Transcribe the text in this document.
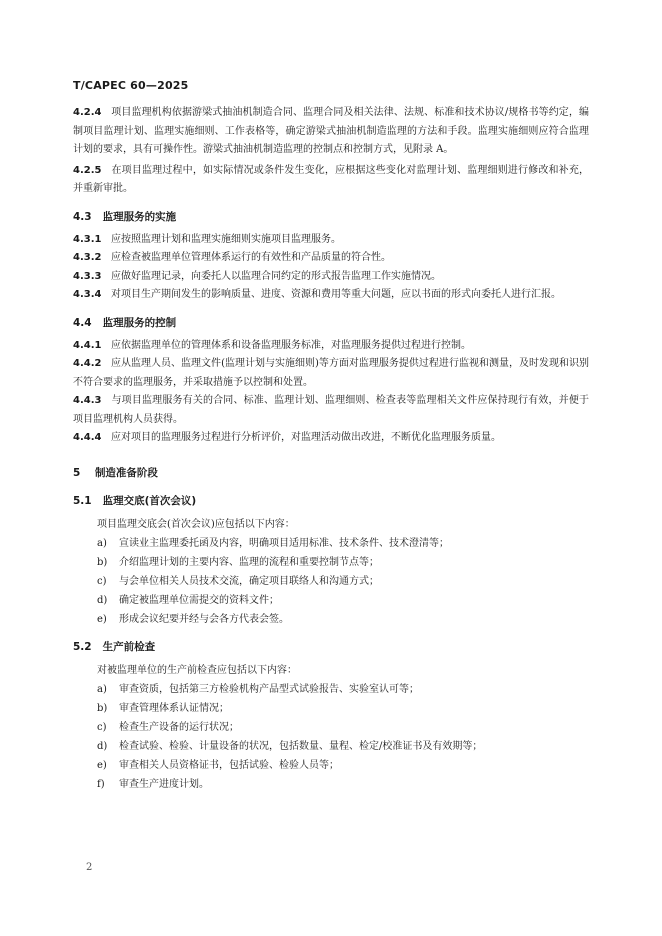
T/CAPEC 60—2025

4.2.4 项目监理机构依据游梁式抽油机制造合同、监理合同及相关法律、法规、标准和技术协议/规格书等约定，编制项目监理计划、监理实施细则、工作表格等，确定游梁式抽油机制造监理的方法和手段。监理实施细则应符合监理计划的要求，具有可操作性。游梁式抽油机制造监理的控制点和控制方式，见附录 A。

4.2.5 在项目监理过程中，如实际情况或条件发生变化，应根据这些变化对监理计划、监理细则进行修改和补充，并重新审批。

4.3 监理服务的实施

4.3.1 应按照监理计划和监理实施细则实施项目监理服务。

4.3.2 应检查被监理单位管理体系运行的有效性和产品质量的符合性。

4.3.3 应做好监理记录，向委托人以监理合同约定的形式报告监理工作实施情况。

4.3.4 对项目生产期间发生的影响质量、进度、资源和费用等重大问题，应以书面的形式向委托人进行汇报。

4.4 监理服务的控制

4.4.1 应依据监理单位的管理体系和设备监理服务标准，对监理服务提供过程进行控制。

4.4.2 应从监理人员、监理文件(监理计划与实施细则)等方面对监理服务提供过程进行监视和测量，及时发现和识别不符合要求的监理服务，并采取措施予以控制和处置。

4.4.3 与项目监理服务有关的合同、标准、监理计划、监理细则、检查表等监理相关文件应保持现行有效，并便于项目监理机构人员获得。

4.4.4 应对项目的监理服务过程进行分析评价，对监理活动做出改进，不断优化监理服务质量。

5 制造准备阶段

5.1 监理交底(首次会议)

项目监理交底会(首次会议)应包括以下内容：

a)	宣读业主监理委托函及内容，明确项目适用标准、技术条件、技术澄清等；

b)	介绍监理计划的主要内容、监理的流程和重要控制节点等；

c)	与会单位相关人员技术交流，确定项目联络人和沟通方式；

d)	确定被监理单位需提交的资料文件；

e)	形成会议纪要并经与会各方代表会签。

5.2 生产前检查

对被监理单位的生产前检查应包括以下内容：

a)	审查资质，包括第三方检验机构产品型式试验报告、实验室认可等；

b)	审查管理体系认证情况；

c)	检查生产设备的运行状况；

d)	检查试验、检验、计量设备的状况，包括数量、量程、检定/校准证书及有效期等；

e)	审查相关人员资格证书，包括试验、检验人员等；

f)	审查生产进度计划。

2
